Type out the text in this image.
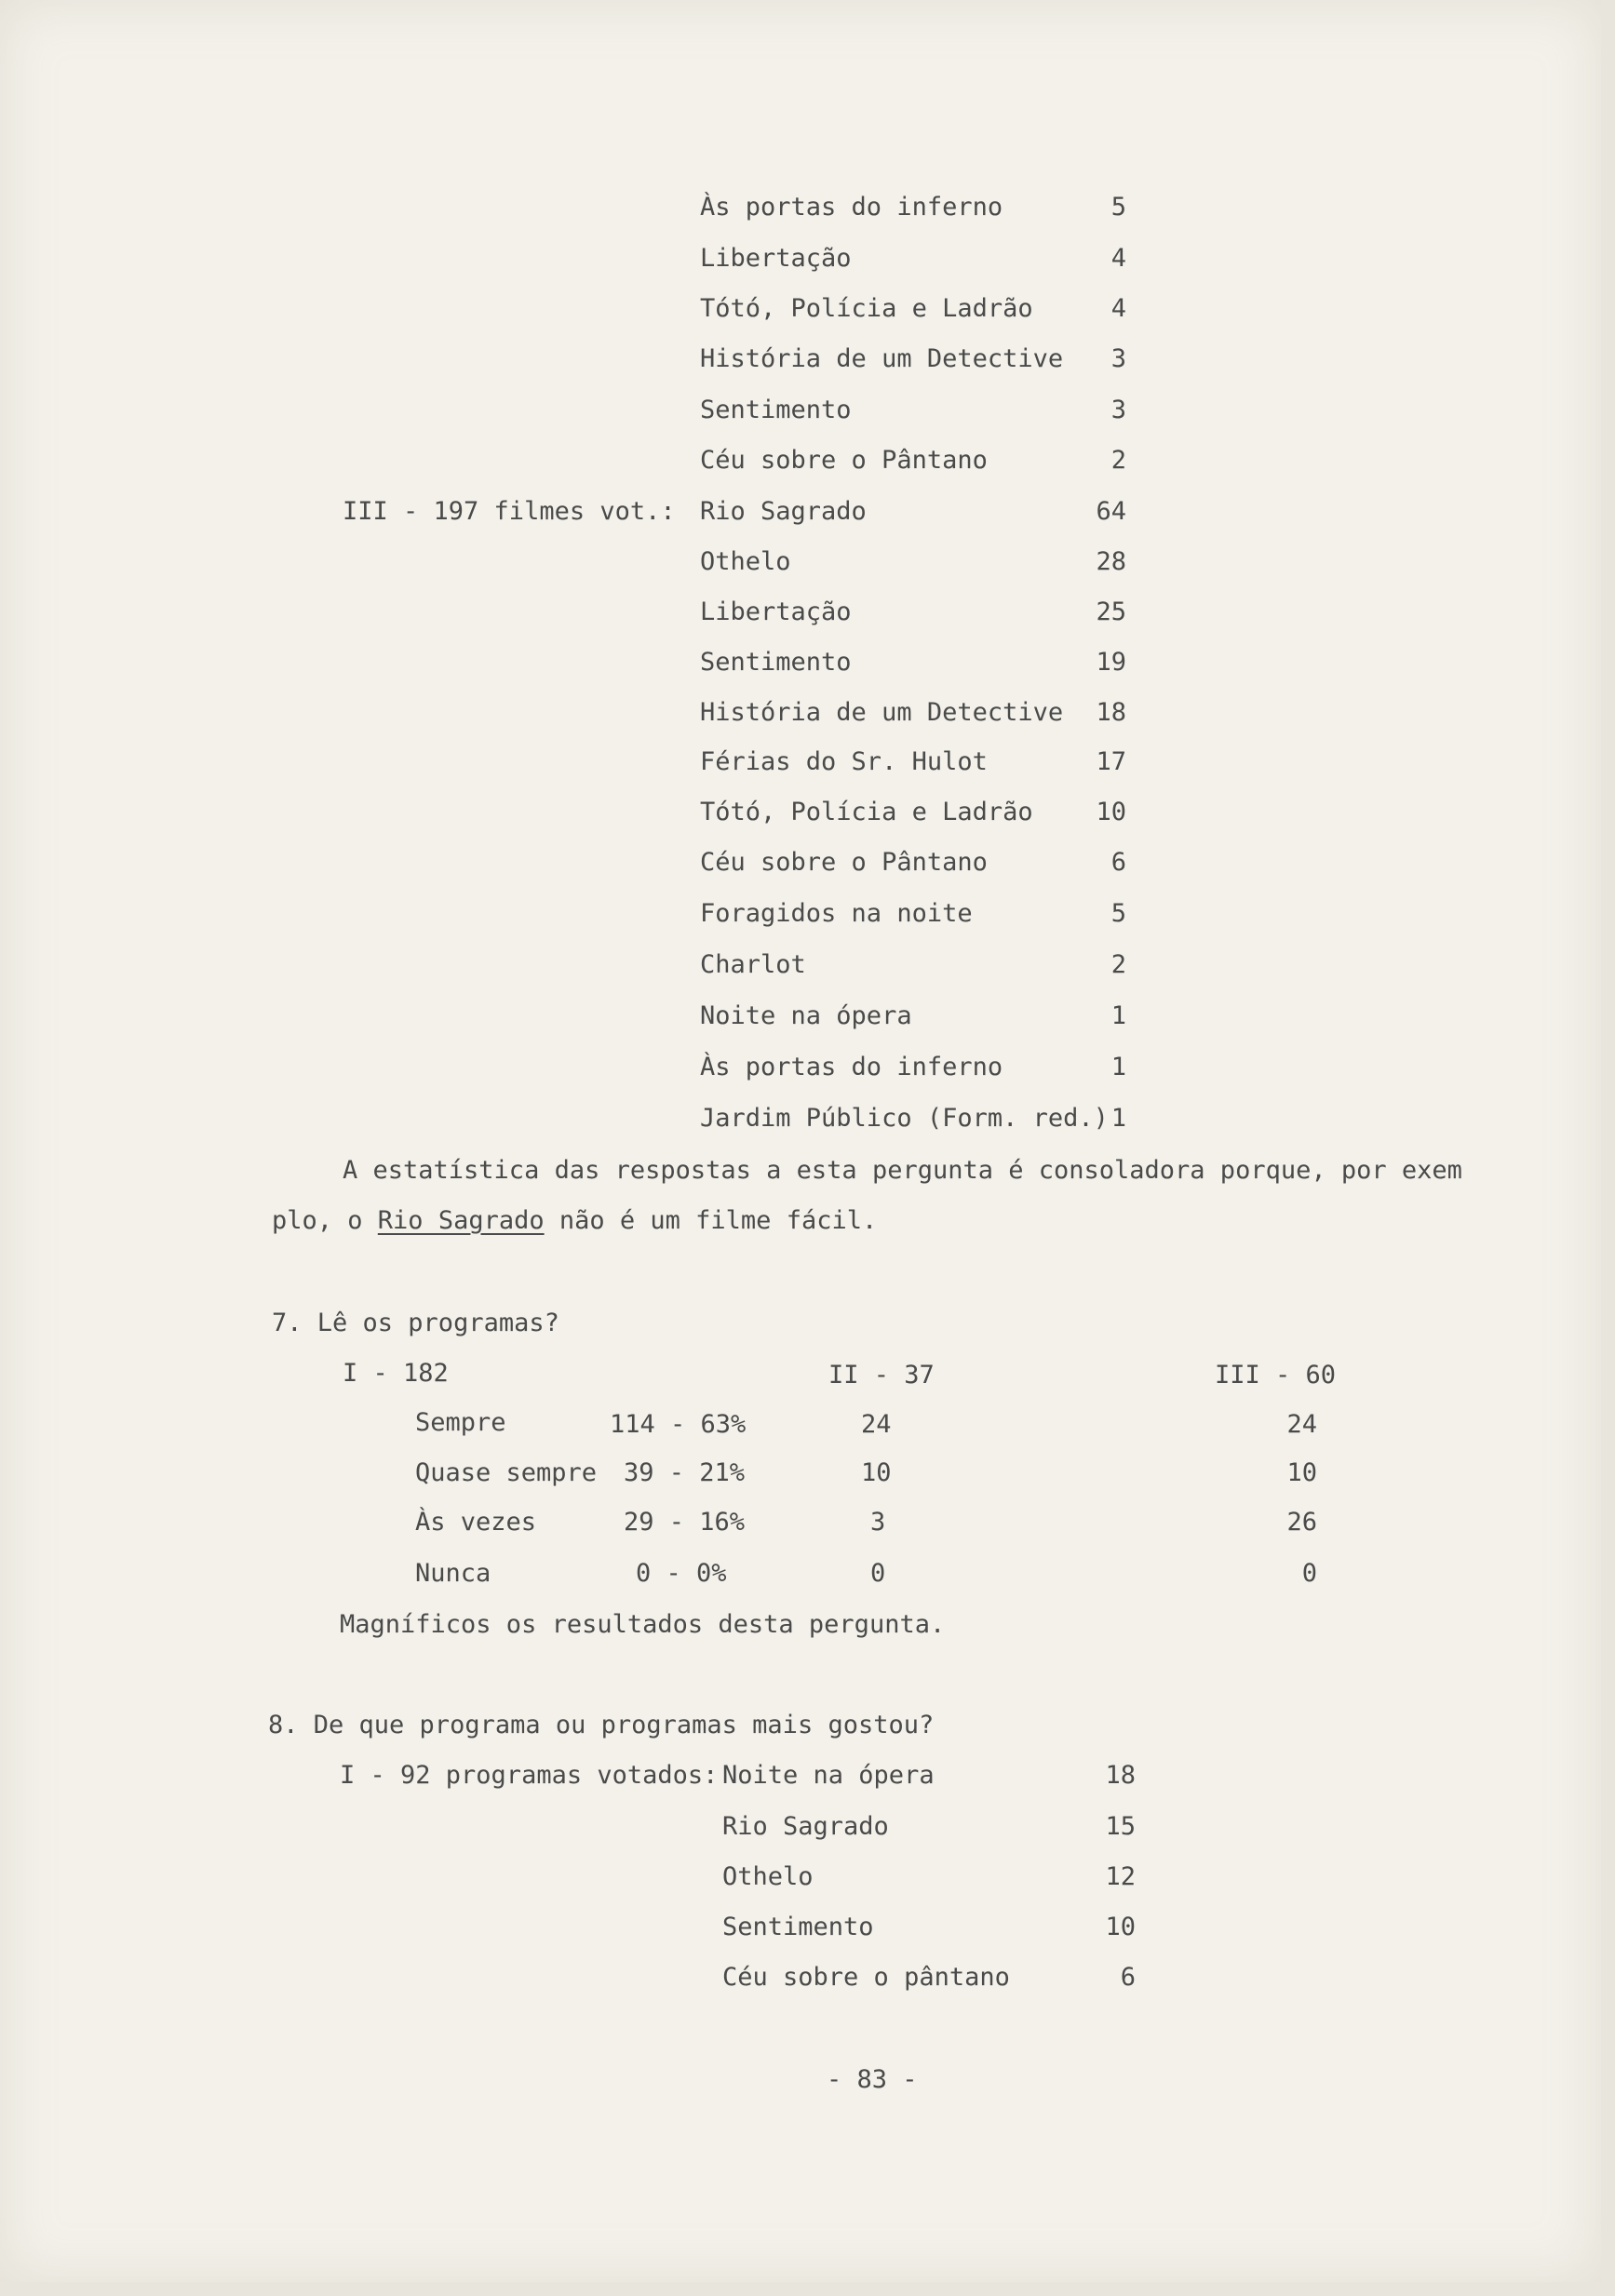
Às portas do inferno	5
Libertação	4
Tótó, Polícia e Ladrão	4
História de um Detective	3
Sentimento	3
Céu sobre o Pântano	2
III - 197 filmes vot.: Rio Sagrado	64
Othelo	28
Libertação	25
Sentimento	19
História de um Detective	18
Férias do Sr. Hulot	17
Tótó, Polícia e Ladrão	10
Céu sobre o Pântano	6
Foragidos na noite	5
Charlot	2
Noite na ópera	1
Às portas do inferno	1
Jardim Público (Form. red.) 1
A estatística das respostas a esta pergunta é consoladora porque, por exem
plo, o Rio Sagrado não é um filme fácil.
7. Lê os programas?
I - 182	II - 37	III - 60
Sempre	114 - 63%	24	24
Quase sempre 39 - 21%	10	10
Às vezes	29 - 16%	3	26
Nunca	0 - 0%	0	0
Magníficos os resultados desta pergunta.
8. De que programa ou programas mais gostou?
I - 92 programas votados: Noite na ópera	18
Rio Sagrado	15
Othelo	12
Sentimento	10
Céu sobre o pântano	6
- 83 -
